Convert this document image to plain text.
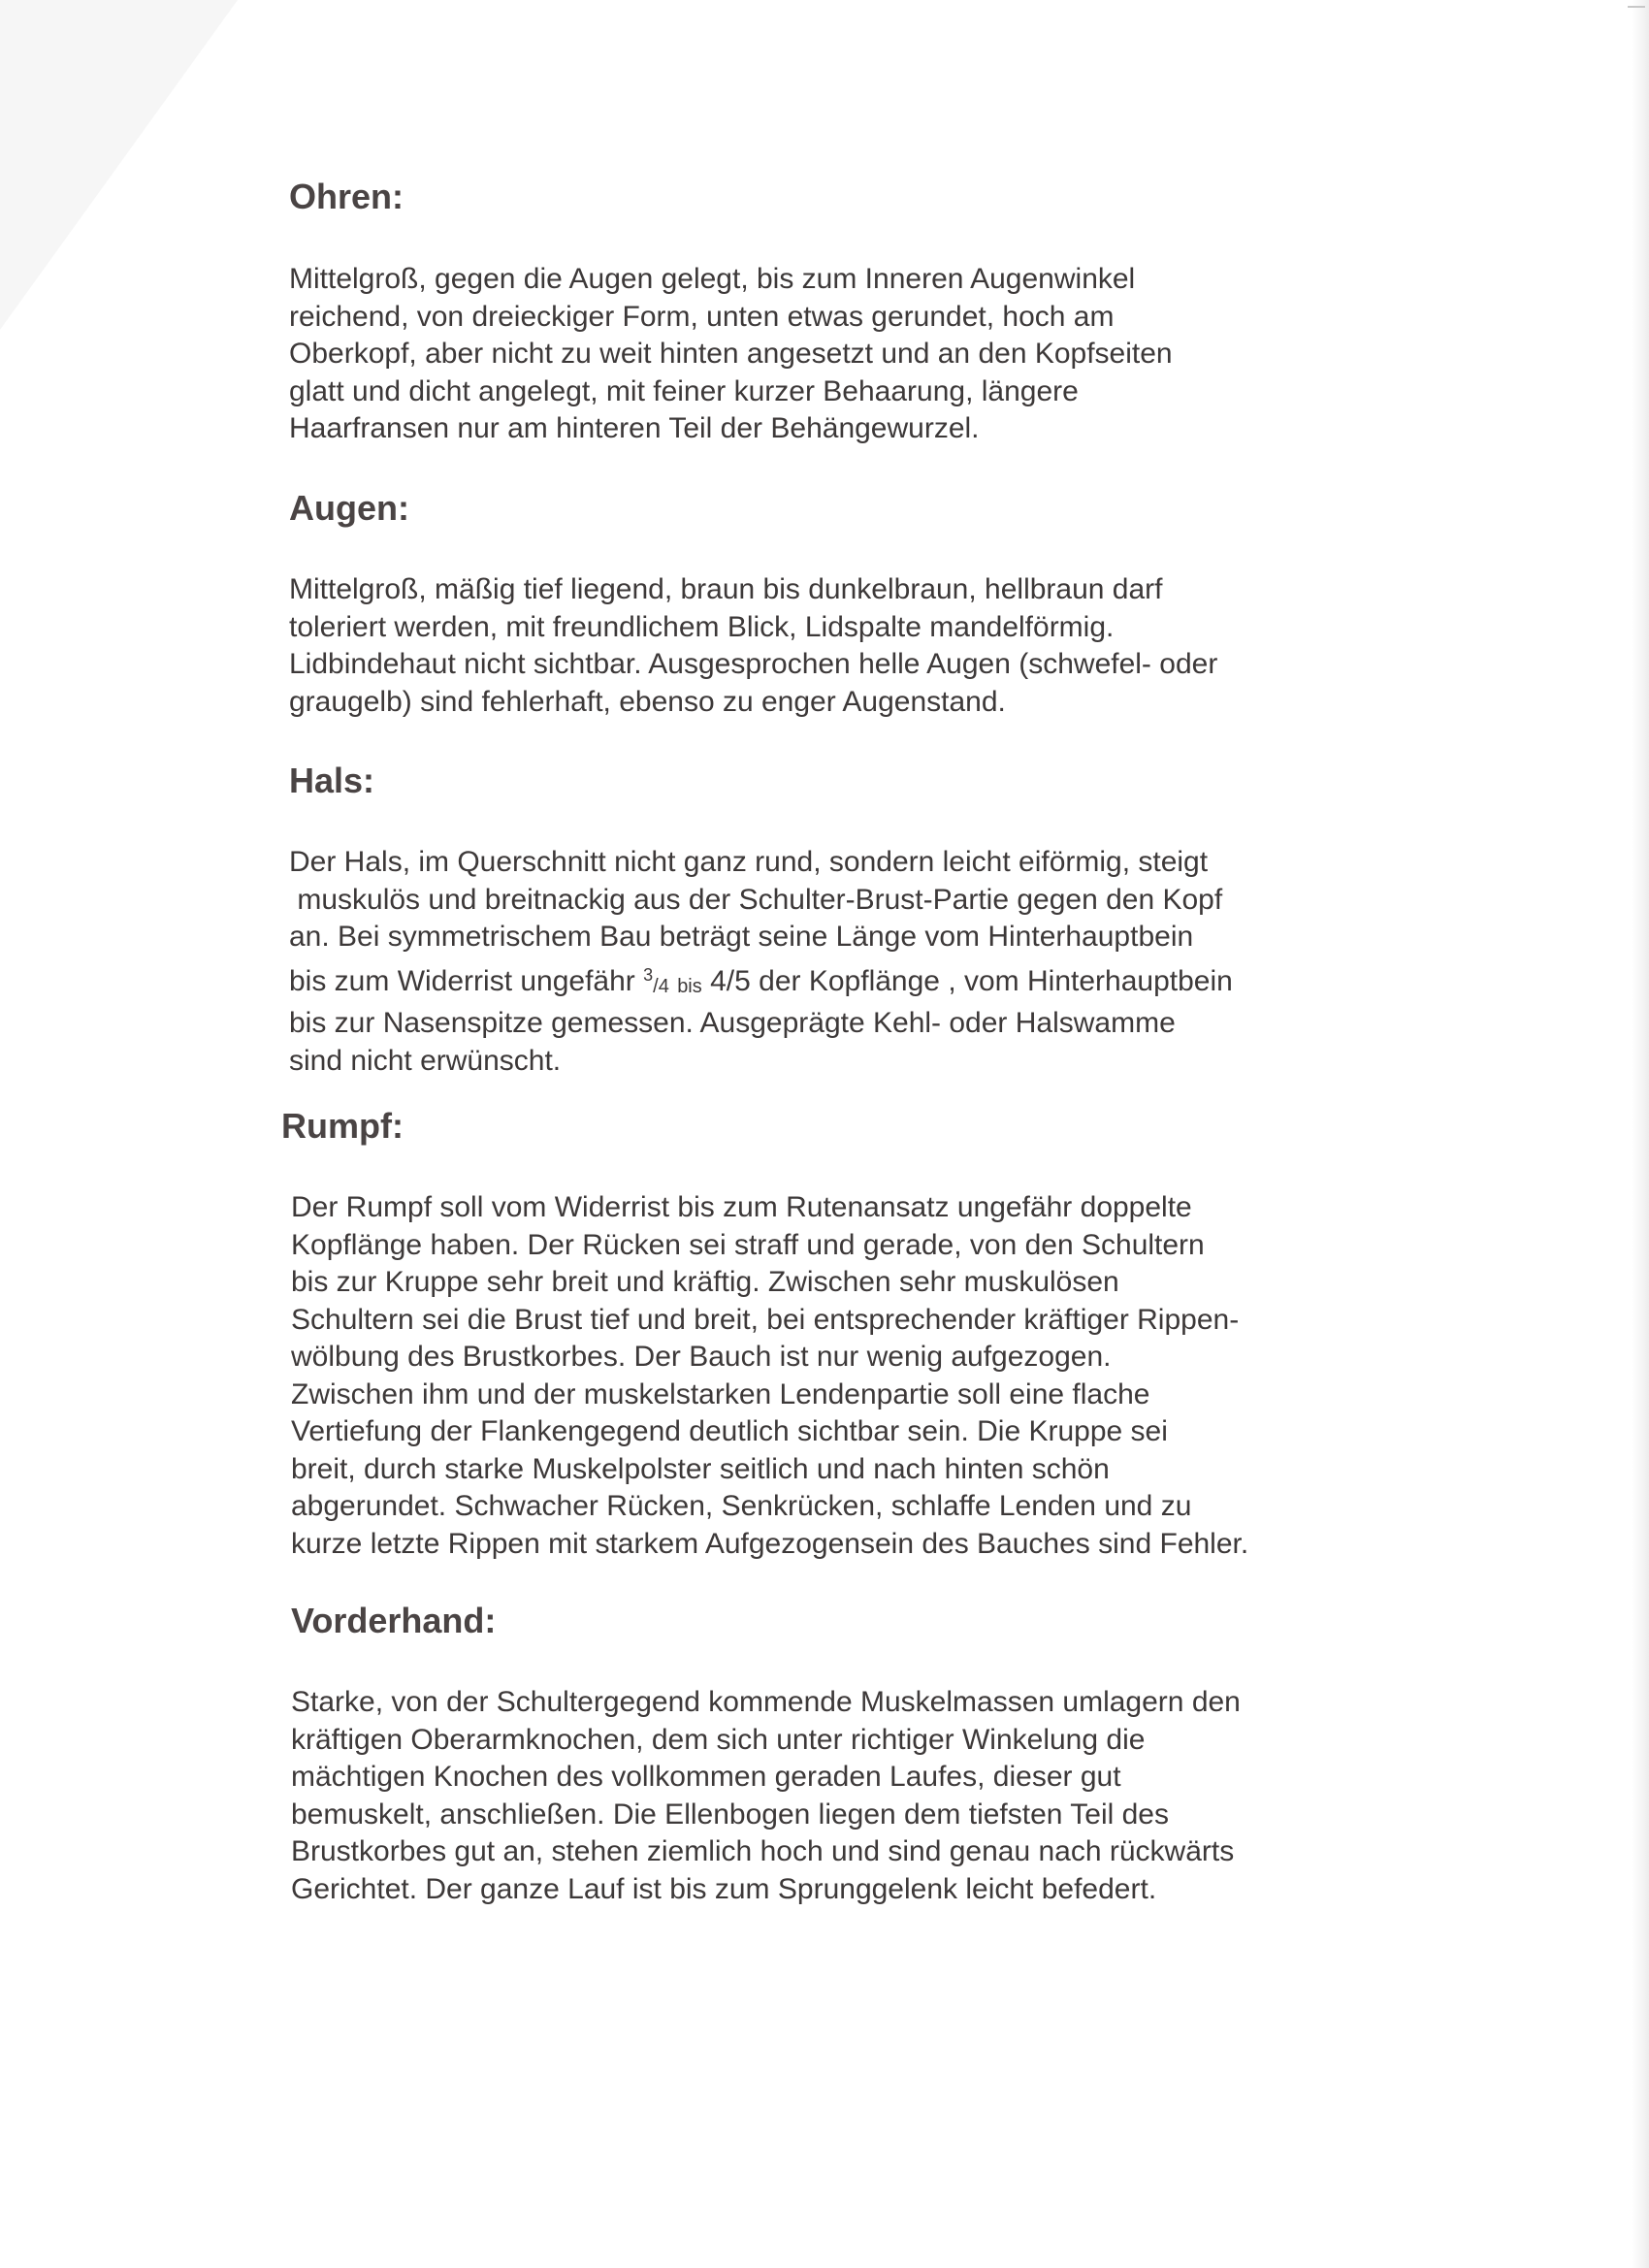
Ohren:
Mittelgroß, gegen die Augen gelegt, bis zum Inneren Augenwinkel
reichend, von dreieckiger Form, unten etwas gerundet, hoch am
Oberkopf, aber nicht zu weit hinten angesetzt und an den Kopfseiten
glatt und dicht angelegt, mit feiner kurzer Behaarung, längere
Haarfransen nur am hinteren Teil der Behängewurzel.
Augen:
Mittelgroß, mäßig tief liegend, braun bis dunkelbraun, hellbraun darf
toleriert werden, mit freundlichem Blick, Lidspalte mandelförmig.
Lidbindehaut nicht sichtbar. Ausgesprochen helle Augen (schwefel- oder
graugelb) sind fehlerhaft, ebenso zu enger Augenstand.
Hals:
Der Hals, im Querschnitt nicht ganz rund, sondern leicht eiförmig, steigt
muskulös und breitnackig aus der Schulter-Brust-Partie gegen den Kopf
an. Bei symmetrischem Bau beträgt seine Länge vom Hinterhauptbein
bis zum Widerrist ungefähr $^3$/4 bis 4/5 der Kopflänge , vom Hinterhauptbein
bis zur Nasenspitze gemessen. Ausgeprägte Kehl- oder Halswamme
sind nicht erwünscht.
Rumpf:
Der Rumpf soll vom Widerrist bis zum Rutenansatz ungefähr doppelte
Kopflänge haben. Der Rücken sei straff und gerade, von den Schultern
bis zur Kruppe sehr breit und kräftig. Zwischen sehr muskulösen
Schultern sei die Brust tief und breit, bei entsprechender kräftiger Rippen-
wölbung des Brustkorbes. Der Bauch ist nur wenig aufgezogen.
Zwischen ihm und der muskelstarken Lendenpartie soll eine flache
Vertiefung der Flankengegend deutlich sichtbar sein. Die Kruppe sei
breit, durch starke Muskelpolster seitlich und nach hinten schön
abgerundet. Schwacher Rücken, Senkrücken, schlaffe Lenden und zu
kurze letzte Rippen mit starkem Aufgezogensein des Bauches sind Fehler.
Vorderhand:
Starke, von der Schultergegend kommende Muskelmassen umlagern den
kräftigen Oberarmknochen, dem sich unter richtiger Winkelung die
mächtigen Knochen des vollkommen geraden Laufes, dieser gut
bemuskelt, anschließen. Die Ellenbogen liegen dem tiefsten Teil des
Brustkorbes gut an, stehen ziemlich hoch und sind genau nach rückwärts
Gerichtet. Der ganze Lauf ist bis zum Sprunggelenk leicht befedert.
